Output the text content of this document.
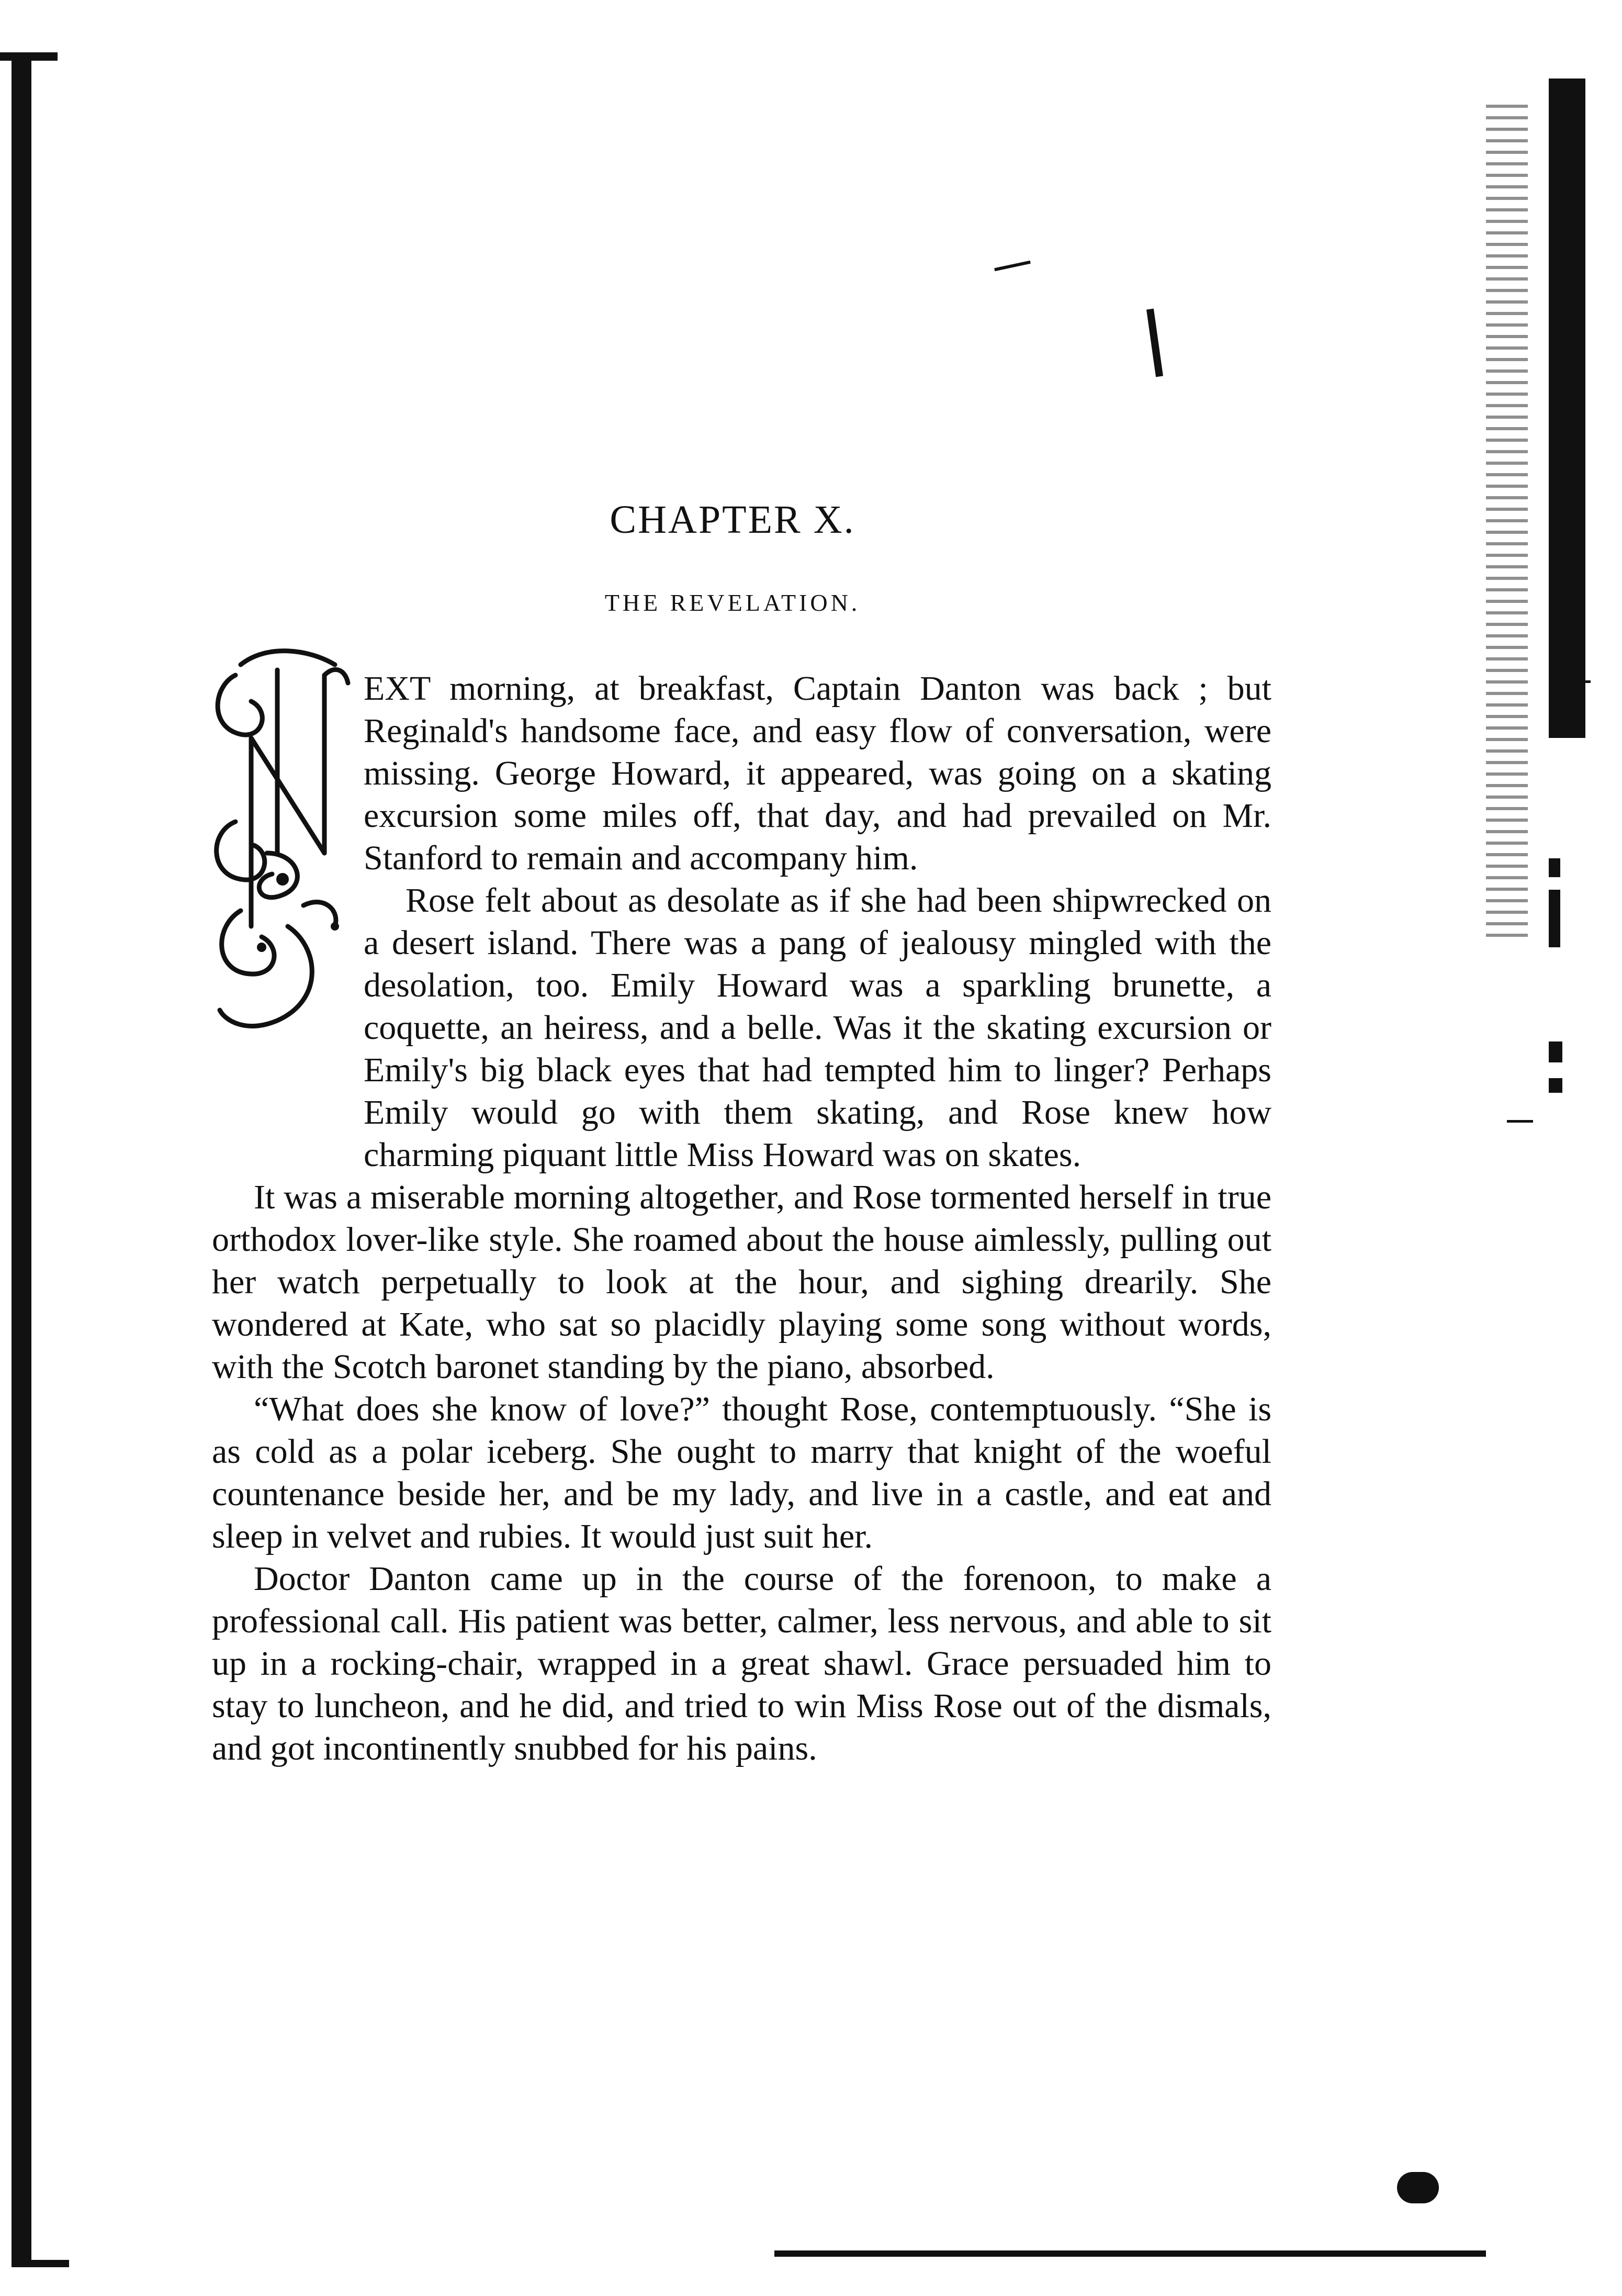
CHAPTER X.
THE REVELATION.

EXT morning, at breakfast, Captain Danton was back ; but Reginald's handsome face, and easy flow of conversation, were missing. George Howard, it appeared, was going on a skating excursion some miles off, that day, and had prevailed on Mr. Stanford to remain and accompany him.

Rose felt about as desolate as if she had been shipwrecked on a desert island. There was a pang of jealousy mingled with the desolation, too. Emily Howard was a sparkling brunette, a coquette, an heiress, and a belle. Was it the skating excursion or Emily's big black eyes that had tempted him to linger? Perhaps Emily would go with them skating, and Rose knew how charming piquant little Miss Howard was on skates.

It was a miserable morning altogether, and Rose tormented herself in true orthodox lover-like style. She roamed about the house aimlessly, pulling out her watch perpetually to look at the hour, and sighing drearily. She wondered at Kate, who sat so placidly playing some song without words, with the Scotch baronet standing by the piano, absorbed.

“What does she know of love?” thought Rose, contemptuously. “She is as cold as a polar iceberg. She ought to marry that knight of the woeful countenance beside her, and be my lady, and live in a castle, and eat and sleep in velvet and rubies. It would just suit her.

Doctor Danton came up in the course of the forenoon, to make a professional call. His patient was better, calmer, less nervous, and able to sit up in a rocking-chair, wrapped in a great shawl. Grace persuaded him to stay to luncheon, and he did, and tried to win Miss Rose out of the dismals, and got incontinently snubbed for his pains.
